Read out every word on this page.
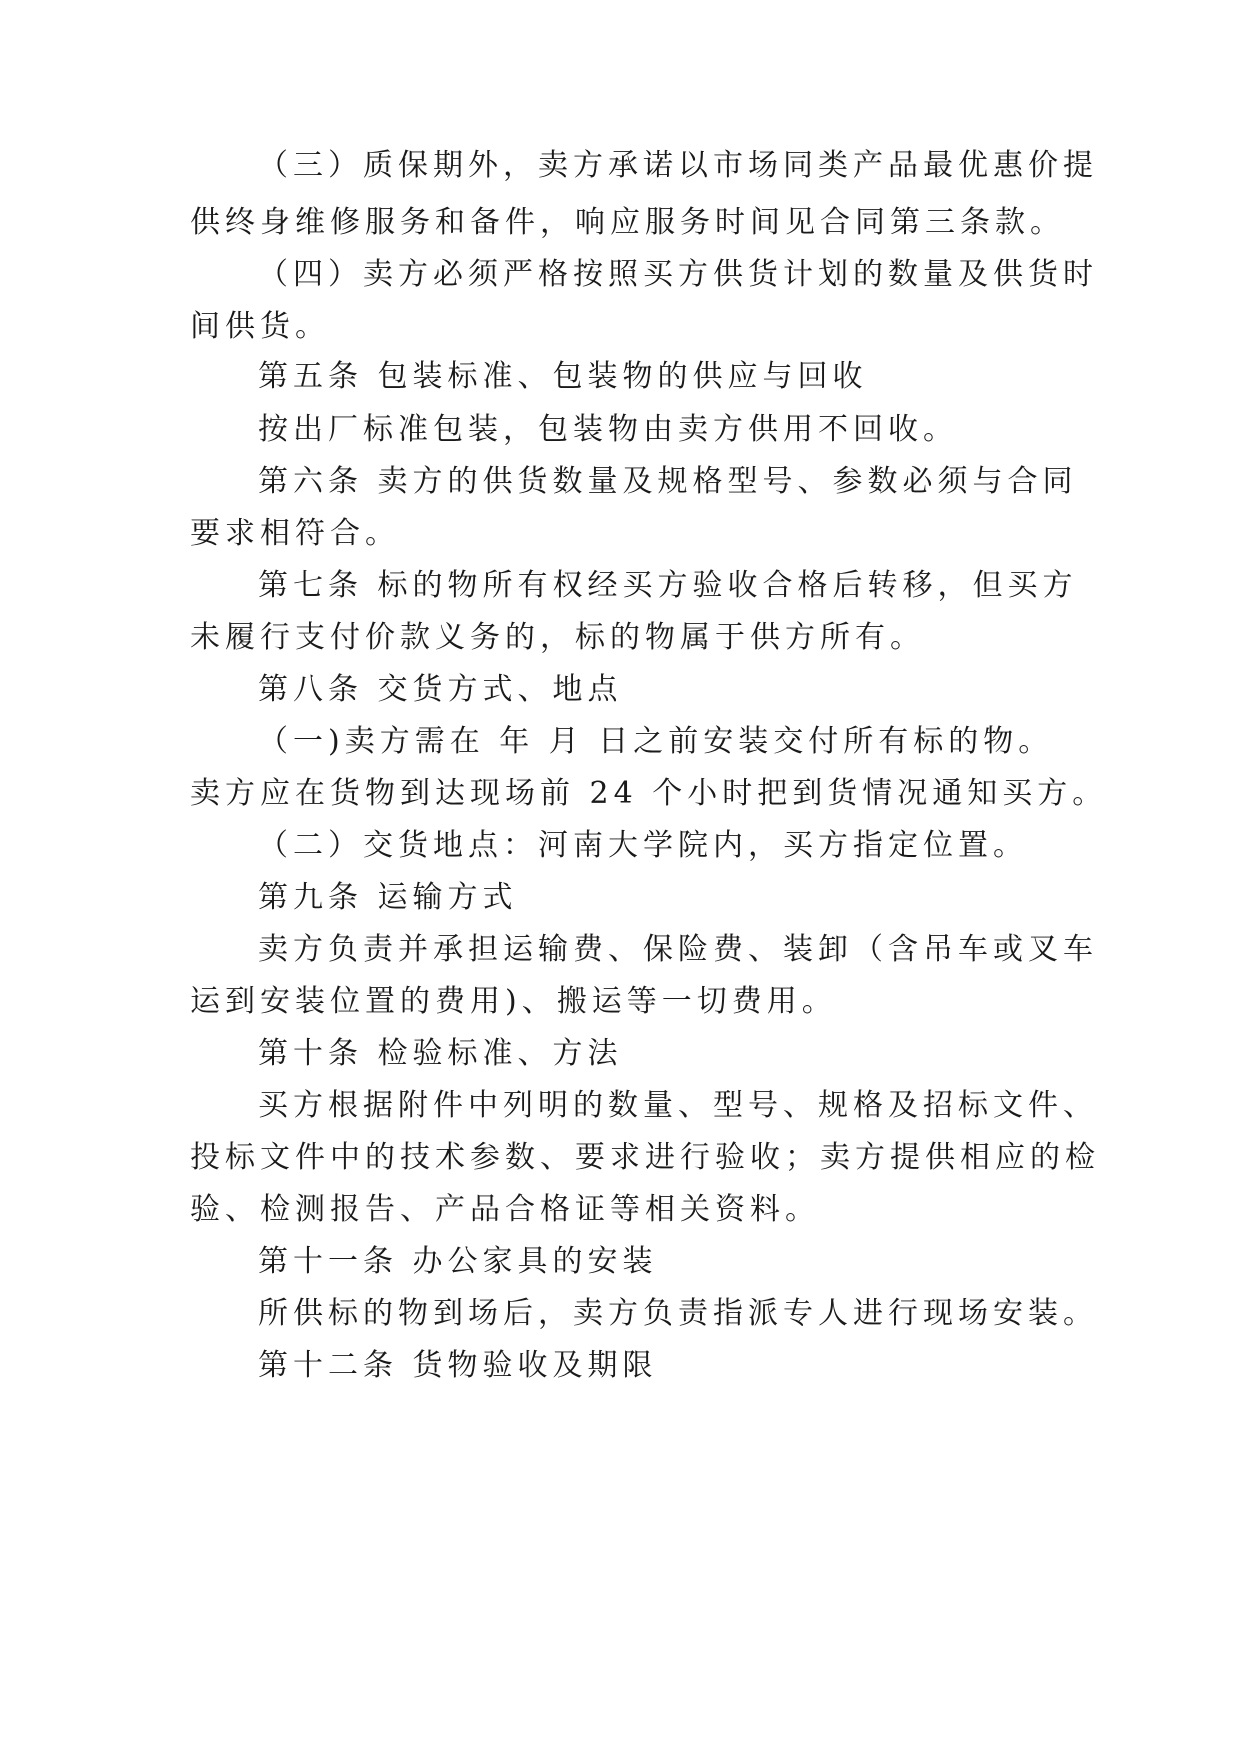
（三）质保期外，卖方承诺以市场同类产品最优惠价提
供终身维修服务和备件，响应服务时间见合同第三条款。
（四）卖方必须严格按照买方供货计划的数量及供货时
间供货。
第五条 包装标准、包装物的供应与回收
按出厂标准包装，包装物由卖方供用不回收。
第六条 卖方的供货数量及规格型号、参数必须与合同
要求相符合。
第七条 标的物所有权经买方验收合格后转移，但买方
未履行支付价款义务的，标的物属于供方所有。
第八条 交货方式、地点
（一)卖方需在 年 月 日之前安装交付所有标的物。
卖方应在货物到达现场前 24 个小时把到货情况通知买方。
（二）交货地点：河南大学院内，买方指定位置。
第九条 运输方式
卖方负责并承担运输费、保险费、装卸（含吊车或叉车
运到安装位置的费用)、搬运等一切费用。
第十条 检验标准、方法
买方根据附件中列明的数量、型号、规格及招标文件、
投标文件中的技术参数、要求进行验收；卖方提供相应的检
验、检测报告、产品合格证等相关资料。
第十一条 办公家具的安装
所供标的物到场后，卖方负责指派专人进行现场安装。
第十二条 货物验收及期限
